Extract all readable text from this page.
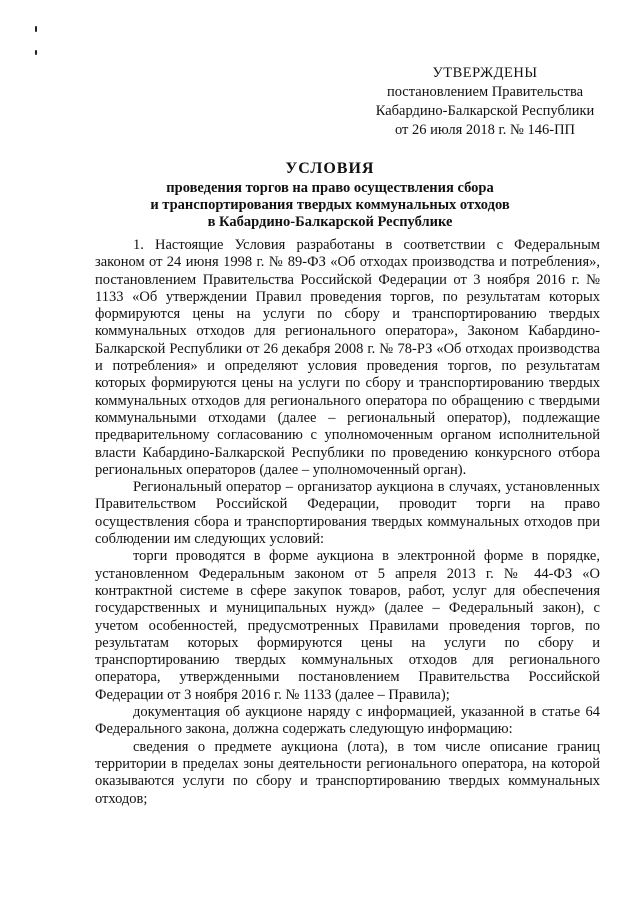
УТВЕРЖДЕНЫ
постановлением Правительства
Кабардино-Балкарской Республики
от 26 июля 2018 г. № 146-ПП
УСЛОВИЯ
проведения торгов на право осуществления сбора
и транспортирования твердых коммунальных отходов
в Кабардино-Балкарской Республике

1. Настоящие Условия разработаны в соответствии с Федеральным законом от 24 июня 1998 г. № 89-ФЗ «Об отходах производства и потребления», постановлением Правительства Российской Федерации от 3 ноября 2016 г. № 1133 «Об утверждении Правил проведения торгов, по результатам которых формируются цены на услуги по сбору и транспортированию твердых коммунальных отходов для регионального оператора», Законом Кабардино-Балкарской Республики от 26 декабря 2008 г. № 78-РЗ «Об отходах производства и потребления» и определяют условия проведения торгов, по результатам которых формируются цены на услуги по сбору и транспортированию твердых коммунальных отходов для регионального оператора по обращению с твердыми коммунальными отходами (далее – региональный оператор), подлежащие предварительному согласованию с уполномоченным органом исполнительной власти Кабардино-Балкарской Республики по проведению конкурсного отбора региональных операторов (далее – уполномоченный орган).

Региональный оператор – организатор аукциона в случаях, установленных Правительством Российской Федерации, проводит торги на право осуществления сбора и транспортирования твердых коммунальных отходов при соблюдении им следующих условий:

торги проводятся в форме аукциона в электронной форме в порядке, установленном Федеральным законом от 5 апреля 2013 г. № 44-ФЗ «О контрактной системе в сфере закупок товаров, работ, услуг для обеспечения государственных и муниципальных нужд» (далее – Федеральный закон), с учетом особенностей, предусмотренных Правилами проведения торгов, по результатам которых формируются цены на услуги по сбору и транспортированию твердых коммунальных отходов для регионального оператора, утвержденными постановлением Правительства Российской Федерации от 3 ноября 2016 г. № 1133 (далее – Правила);

документация об аукционе наряду с информацией, указанной в статье 64 Федерального закона, должна содержать следующую информацию:

сведения о предмете аукциона (лота), в том числе описание границ территории в пределах зоны деятельности регионального оператора, на которой оказываются услуги по сбору и транспортированию твердых коммунальных отходов;
